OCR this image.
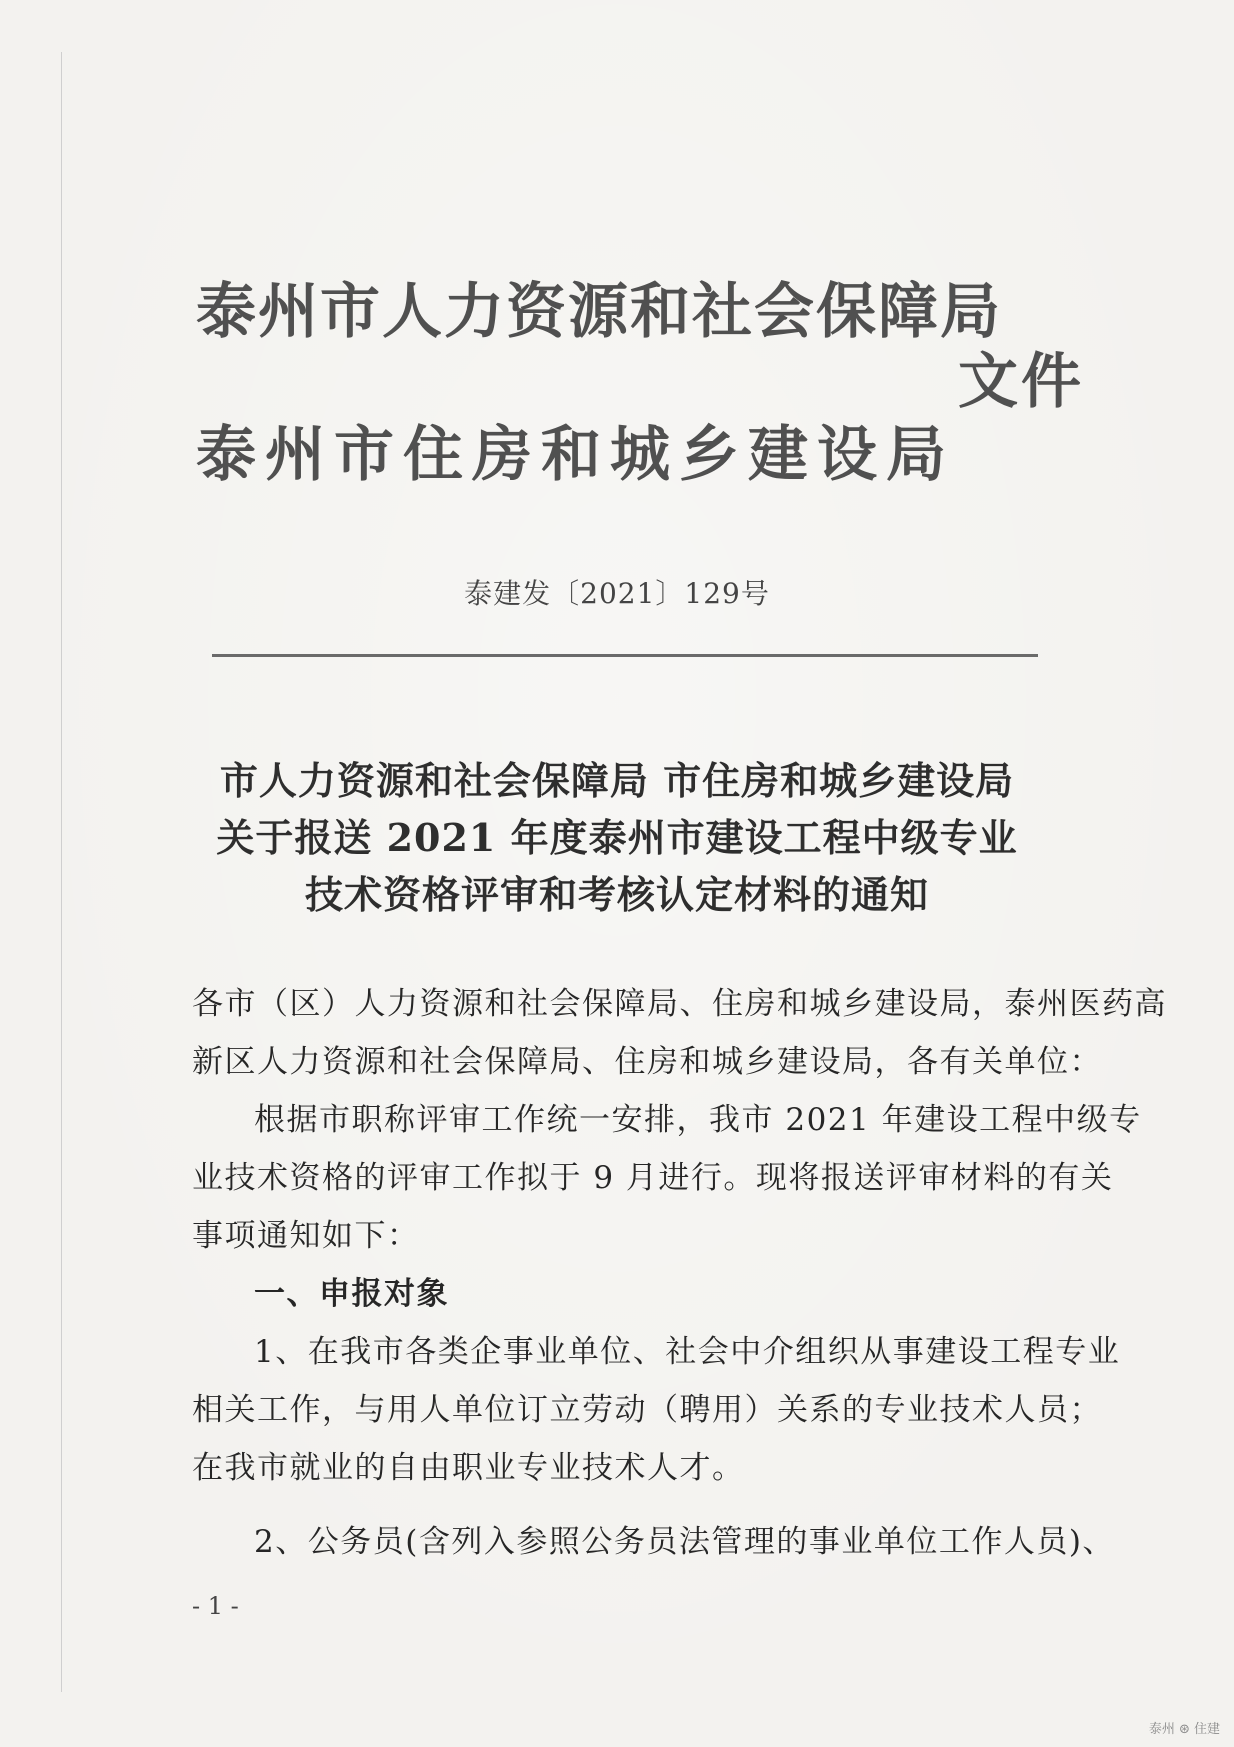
泰州市人力资源和社会保障局
泰州市住房和城乡建设局
文件
泰建发〔2021〕129号
市人力资源和社会保障局 市住房和城乡建设局
关于报送 2021 年度泰州市建设工程中级专业
技术资格评审和考核认定材料的通知
各市（区）人力资源和社会保障局、住房和城乡建设局，泰州医药高
新区人力资源和社会保障局、住房和城乡建设局，各有关单位：
根据市职称评审工作统一安排，我市 2021 年建设工程中级专
业技术资格的评审工作拟于 9 月进行。现将报送评审材料的有关
事项通知如下：
一、申报对象
1、在我市各类企事业单位、社会中介组织从事建设工程专业
相关工作，与用人单位订立劳动（聘用）关系的专业技术人员；
在我市就业的自由职业专业技术人才。
2、公务员(含列入参照公务员法管理的事业单位工作人员)、
- 1 -
泰州 ⊛ 住建
